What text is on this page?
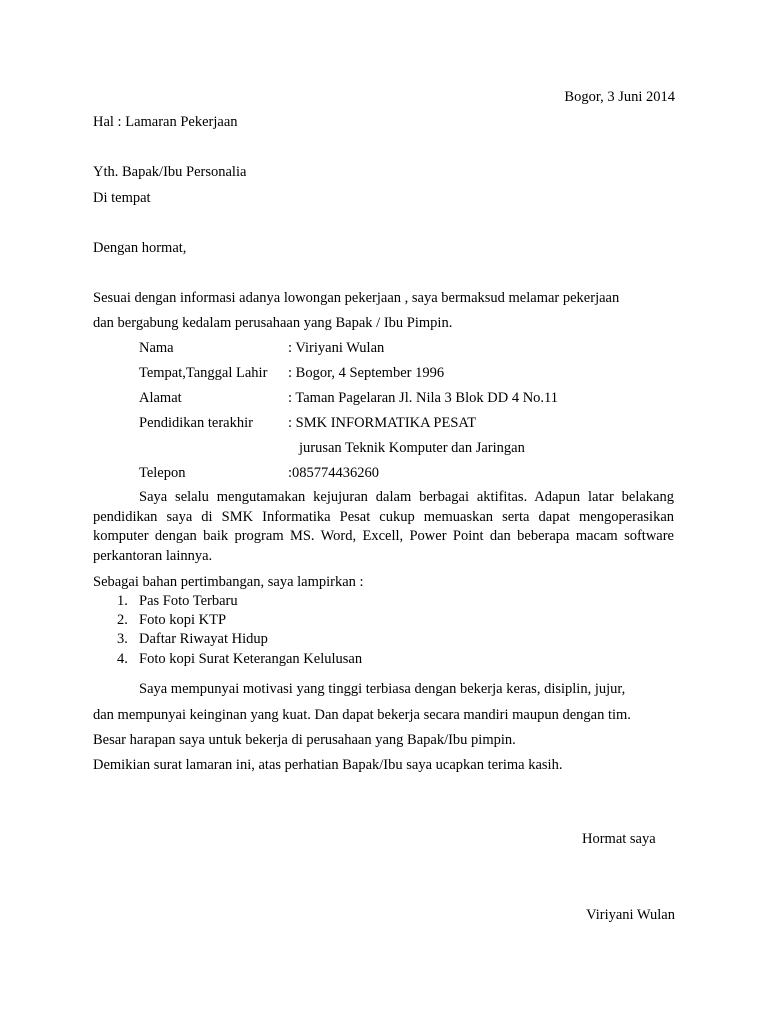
Bogor, 3 Juni 2014
Hal : Lamaran Pekerjaan
Yth. Bapak/Ibu Personalia
Di tempat
Dengan hormat,
Sesuai dengan informasi adanya lowongan pekerjaan , saya bermaksud melamar pekerjaan
dan bergabung kedalam perusahaan yang Bapak / Ibu Pimpin.
Nama	: Viriyani Wulan
Tempat,Tanggal Lahir : Bogor, 4 September 1996
Alamat	: Taman Pagelaran Jl. Nila 3 Blok DD 4 No.11
Pendidikan terakhir : SMK INFORMATIKA PESAT
jurusan Teknik Komputer dan Jaringan
Telepon	:085774436260
Saya selalu mengutamakan kejujuran dalam berbagai aktifitas. Adapun latar belakang pendidikan saya di SMK Informatika Pesat cukup memuaskan serta dapat mengoperasikan komputer dengan baik program MS. Word, Excell, Power Point dan beberapa macam software perkantoran lainnya.
Sebagai bahan pertimbangan, saya lampirkan :
1. Pas Foto Terbaru
2. Foto kopi KTP
3. Daftar Riwayat Hidup
4. Foto kopi Surat Keterangan Kelulusan
Saya mempunyai motivasi yang tinggi terbiasa dengan bekerja keras, disiplin, jujur,
dan mempunyai keinginan yang kuat. Dan dapat bekerja secara mandiri maupun dengan tim.
Besar harapan saya untuk bekerja di perusahaan yang Bapak/Ibu pimpin.
Demikian surat lamaran ini, atas perhatian Bapak/Ibu saya ucapkan terima kasih.
Hormat saya
Viriyani Wulan
